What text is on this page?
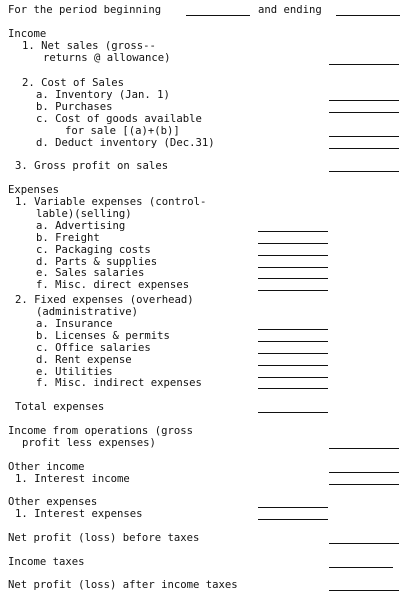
For the period beginning	and ending
Income
1. Net sales (gross--
returns @ allowance)
2. Cost of Sales
a. Inventory (Jan. 1)
b. Purchases
c. Cost of goods available
for sale [(a)+(b)]
d. Deduct inventory (Dec.31)
3. Gross profit on sales
Expenses
1. Variable expenses (control-
lable)(selling)
a. Advertising
b. Freight
c. Packaging costs
d. Parts & supplies
e. Sales salaries
f. Misc. direct expenses
2. Fixed expenses (overhead)
(administrative)
a. Insurance
b. Licenses & permits
c. Office salaries
d. Rent expense
e. Utilities
f. Misc. indirect expenses
Total expenses
Income from operations (gross
profit less expenses)
Other income
1. Interest income
Other expenses
1. Interest expenses
Net profit (loss) before taxes
Income taxes
Net profit (loss) after income taxes
